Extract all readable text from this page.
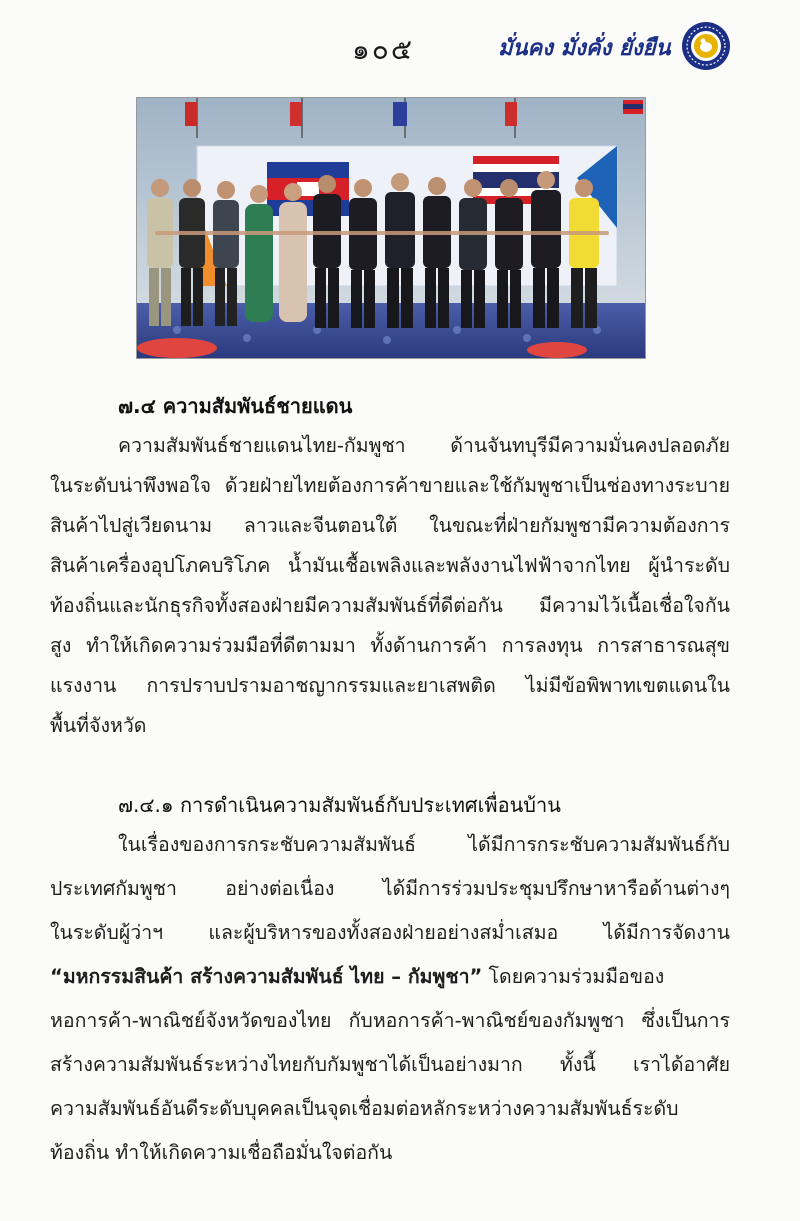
๑๐๕	มั่นคง มั่งคั่ง ยั่งยืน
๗.๔ ความสัมพันธ์ชายแดน
ความสัมพันธ์ชายแดนไทย-กัมพูชา ด้านจันทบุรีมีความมั่นคงปลอดภัย
ในระดับน่าพึงพอใจ ด้วยฝ่ายไทยต้องการค้าขายและใช้กัมพูชาเป็นช่องทางระบาย
สินค้าไปสู่เวียดนาม ลาวและจีนตอนใต้ ในขณะที่ฝ่ายกัมพูชามีความต้องการ
สินค้าเครื่องอุปโภคบริโภค น้ำมันเชื้อเพลิงและพลังงานไฟฟ้าจากไทย ผู้นำระดับ
ท้องถิ่นและนักธุรกิจทั้งสองฝ่ายมีความสัมพันธ์ที่ดีต่อกัน มีความไว้เนื้อเชื่อใจกัน
สูง ทำให้เกิดความร่วมมือที่ดีตามมา ทั้งด้านการค้า การลงทุน การสาธารณสุข
แรงงาน การปราบปรามอาชญากรรมและยาเสพติด ไม่มีข้อพิพาทเขตแดนใน
พื้นที่จังหวัด
๗.๔.๑ การดำเนินความสัมพันธ์กับประเทศเพื่อนบ้าน
ในเรื่องของการกระชับความสัมพันธ์ ได้มีการกระชับความสัมพันธ์กับ
ประเทศกัมพูชา อย่างต่อเนื่อง ได้มีการร่วมประชุมปรึกษาหารือด้านต่างๆ
ในระดับผู้ว่าฯ และผู้บริหารของทั้งสองฝ่ายอย่างสม่ำเสมอ ได้มีการจัดงาน
“มหกรรมสินค้า สร้างความสัมพันธ์ ไทย – กัมพูชา” โดยความร่วมมือของ
หอการค้า-พาณิชย์จังหวัดของไทย กับหอการค้า-พาณิชย์ของกัมพูชา ซึ่งเป็นการ
สร้างความสัมพันธ์ระหว่างไทยกับกัมพูชาได้เป็นอย่างมาก ทั้งนี้ เราได้อาศัย
ความสัมพันธ์อันดีระดับบุคคลเป็นจุดเชื่อมต่อหลักระหว่างความสัมพันธ์ระดับ
ท้องถิ่น ทำให้เกิดความเชื่อถือมั่นใจต่อกัน
